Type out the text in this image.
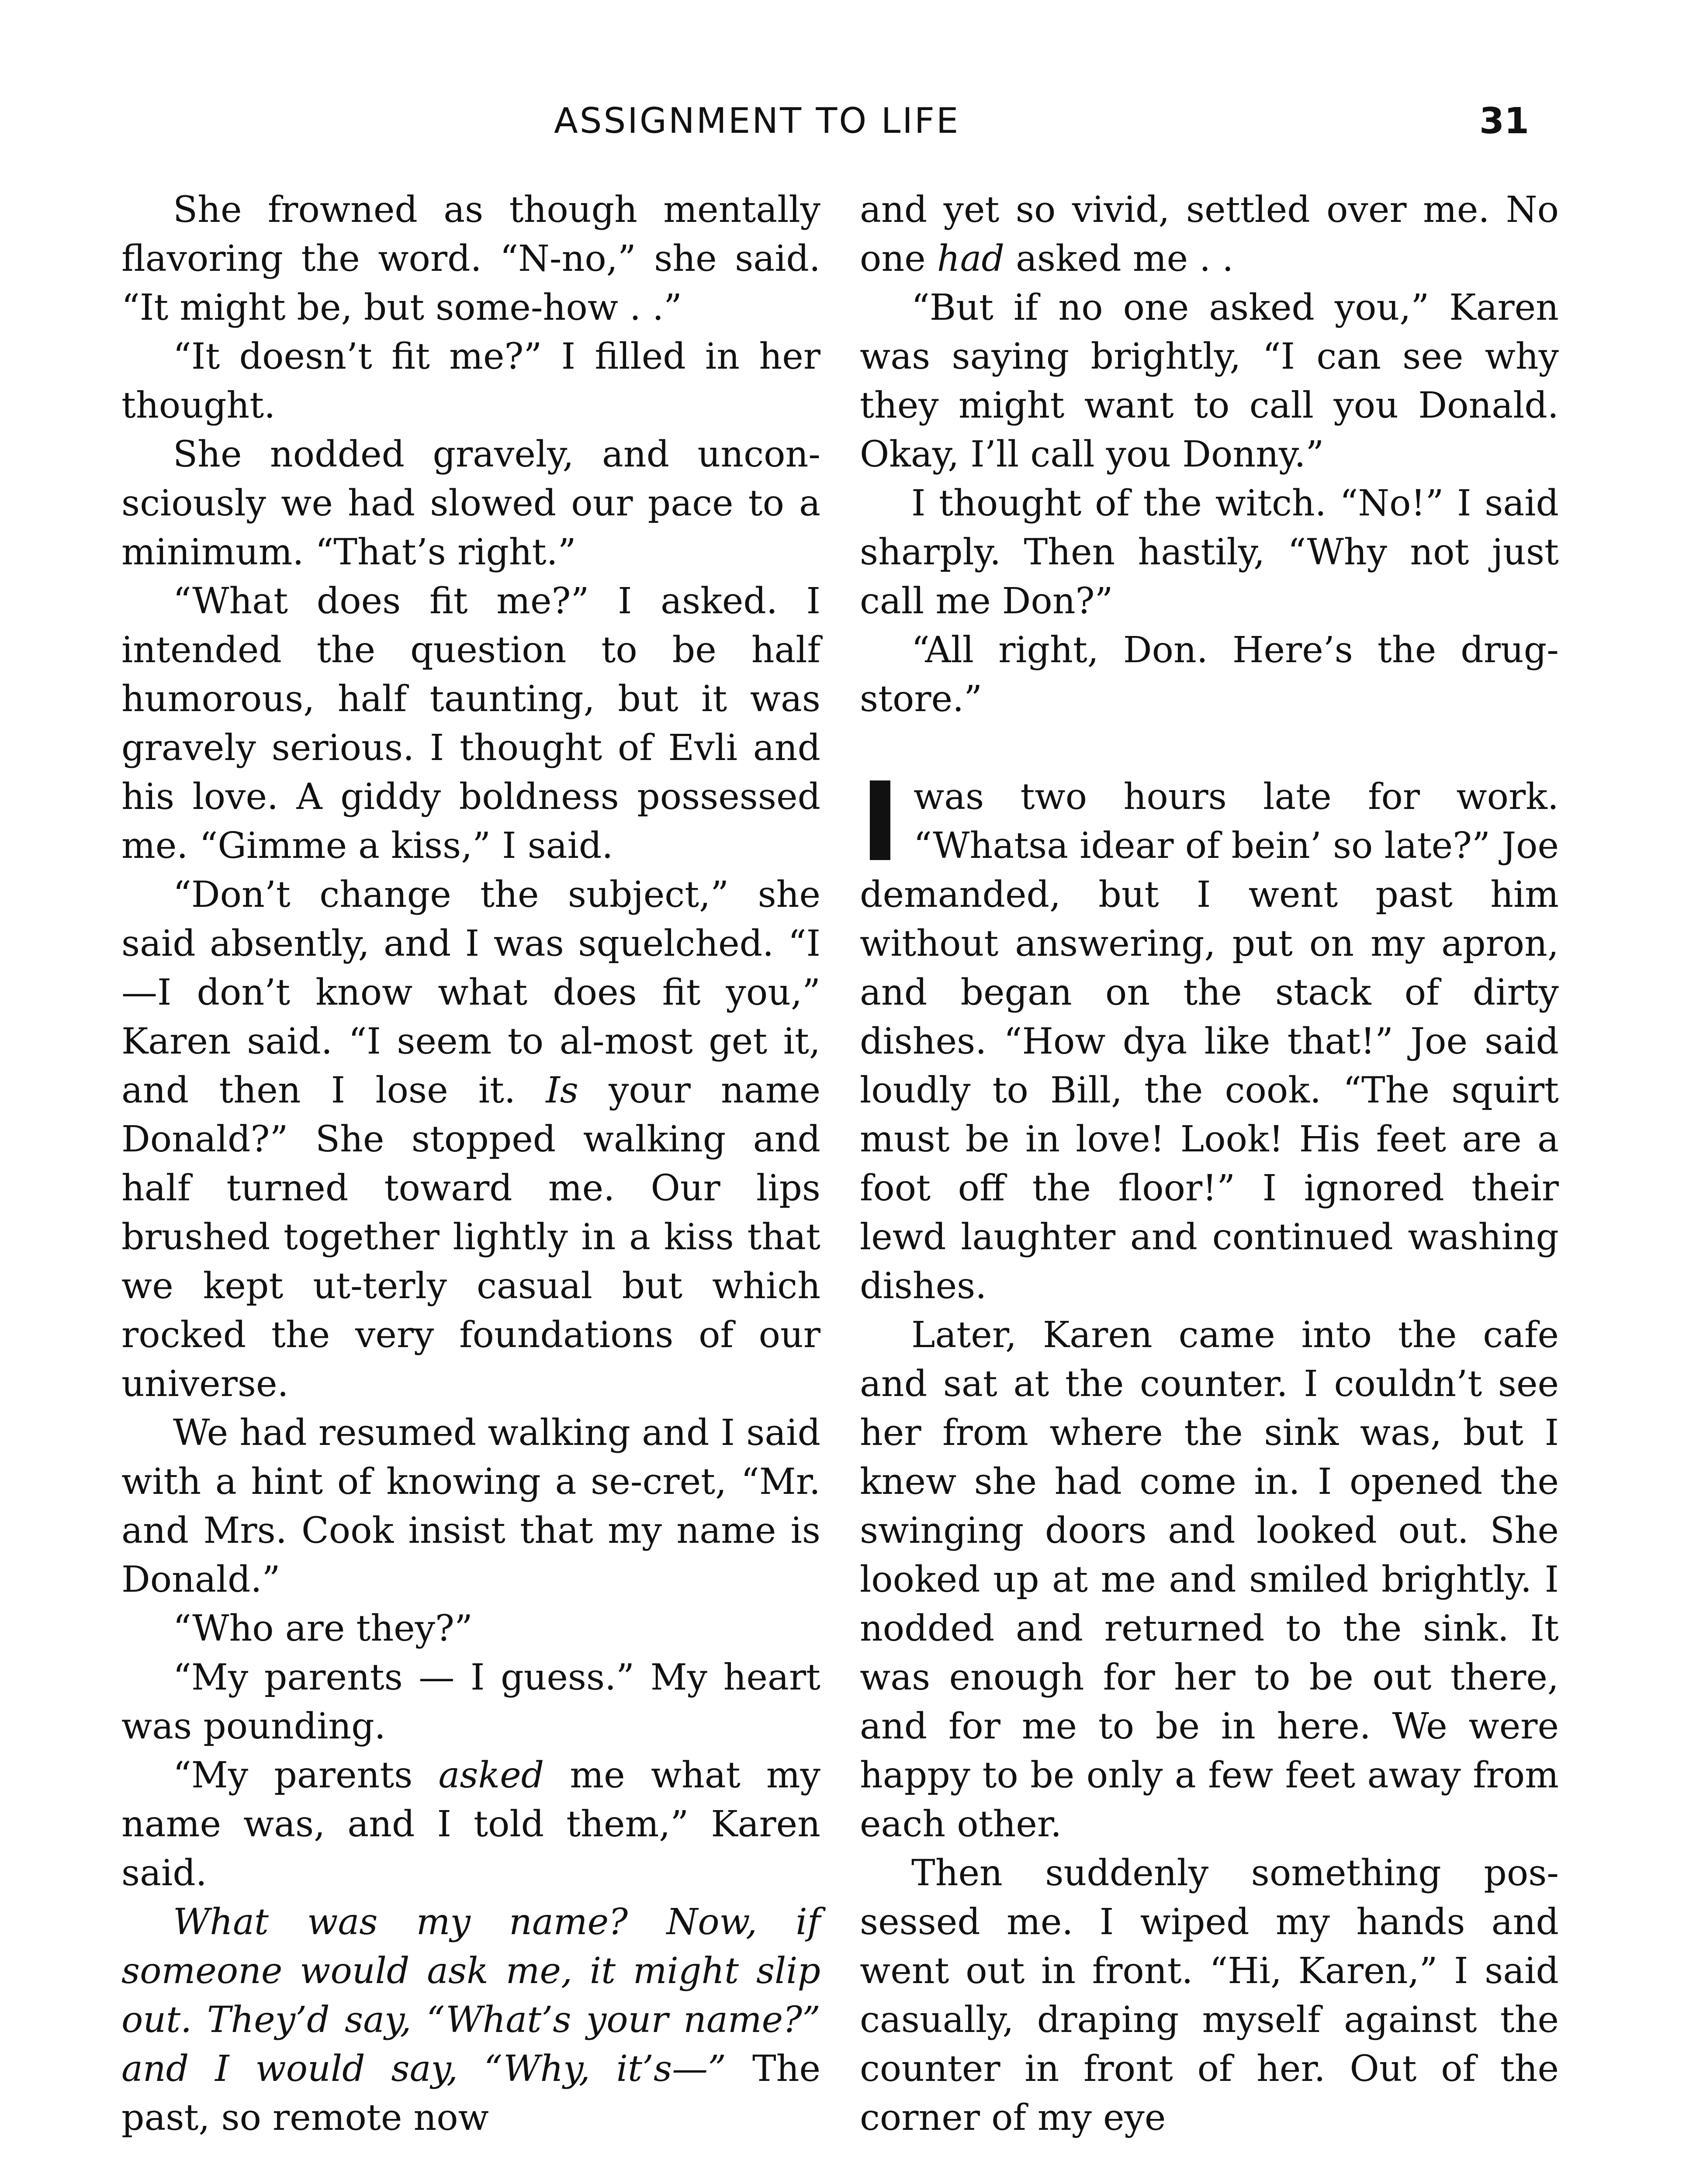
ASSIGNMENT TO LIFE	31

She frowned as though mentally flavoring the word. “N-no,” she said. “It might be, but some-how . .”

“It doesn’t fit me?” I filled in her thought.

She nodded gravely, and uncon-sciously we had slowed our pace to a minimum. “That’s right.”

“What does fit me?” I asked. I intended the question to be half humorous, half taunting, but it was gravely serious. I thought of Evli and his love. A giddy boldness possessed me. “Gimme a kiss,” I said.

“Don’t change the subject,” she said absently, and I was squelched. “I—I don’t know what does fit you,” Karen said. “I seem to al-most get it, and then I lose it. Is your name Donald?” She stopped walking and half turned toward me. Our lips brushed together lightly in a kiss that we kept ut-terly casual but which rocked the very foundations of our universe.

We had resumed walking and I said with a hint of knowing a se-cret, “Mr. and Mrs. Cook insist that my name is Donald.”

“Who are they?”

“My parents — I guess.” My heart was pounding.

“My parents asked me what my name was, and I told them,” Karen said.

What was my name? Now, if someone would ask me, it might slip out. They’d say, “What’s your name?” and I would say, “Why, it’s—” The past, so remote now

and yet so vivid, settled over me. No one had asked me . .

“But if no one asked you,” Karen was saying brightly, “I can see why they might want to call you Donald. Okay, I’ll call you Donny.”

I thought of the witch. “No!” I said sharply. Then hastily, “Why not just call me Don?”

“All right, Don. Here’s the drug-store.”

Iwas two hours late for work. “Whatsa idear of bein’ so late?” Joe demanded, but I went past him without answering, put on my apron, and began on the stack of dirty dishes. “How dya like that!” Joe said loudly to Bill, the cook. “The squirt must be in love! Look! His feet are a foot off the floor!” I ignored their lewd laughter and continued washing dishes.

Later, Karen came into the cafe and sat at the counter. I couldn’t see her from where the sink was, but I knew she had come in. I opened the swinging doors and looked out. She looked up at me and smiled brightly. I nodded and returned to the sink. It was enough for her to be out there, and for me to be in here. We were happy to be only a few feet away from each other.

Then suddenly something pos-sessed me. I wiped my hands and went out in front. “Hi, Karen,” I said casually, draping myself against the counter in front of her. Out of the corner of my eye
